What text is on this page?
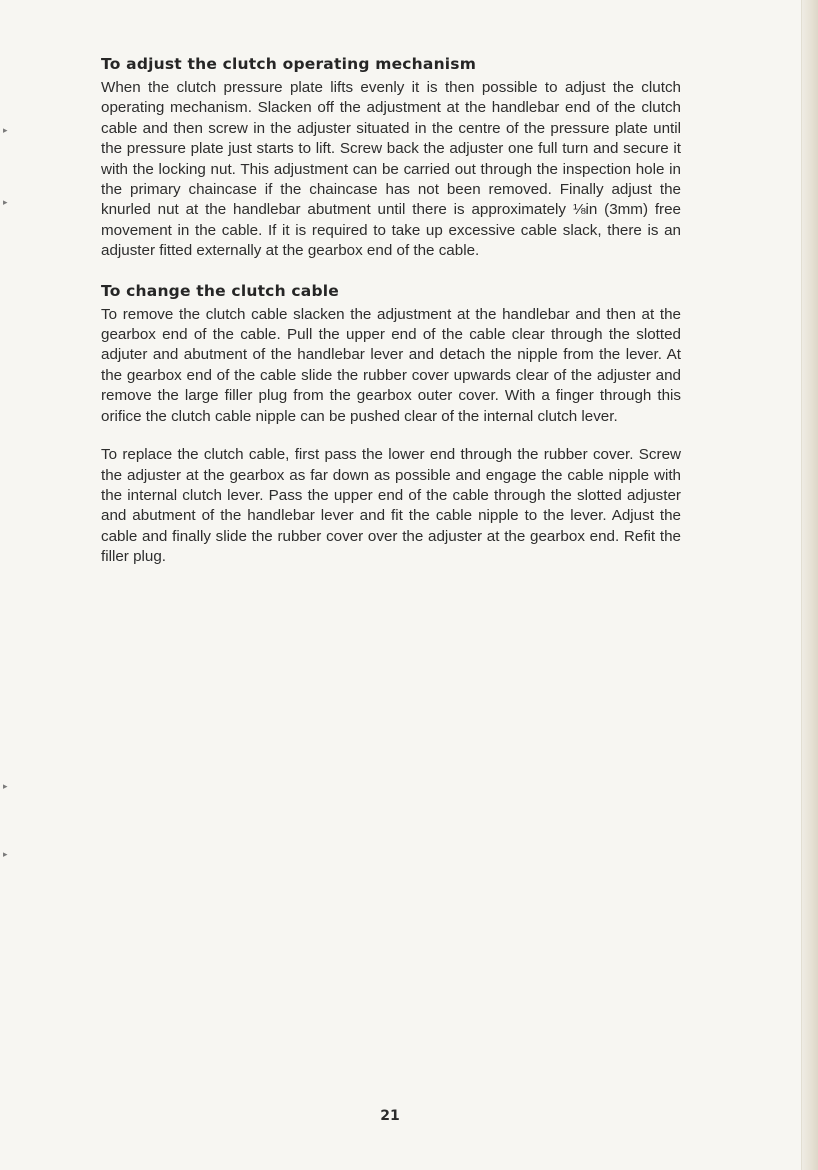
▸
▸
▸
▸
To adjust the clutch operating mechanism

When the clutch pressure plate lifts evenly it is then possible to adjust the clutch operating mechanism. Slacken off the adjustment at the handlebar end of the clutch cable and then screw in the adjuster situated in the centre of the pressure plate until the pressure plate just starts to lift. Screw back the adjuster one full turn and secure it with the locking nut. This adjustment can be carried out through the inspection hole in the primary chaincase if the chaincase has not been removed. Finally adjust the knurled nut at the handlebar abutment until there is approximately ⅛in (3mm) free movement in the cable. If it is required to take up excessive cable slack, there is an adjuster fitted externally at the gearbox end of the cable.

To change the clutch cable

To remove the clutch cable slacken the adjustment at the handlebar and then at the gearbox end of the cable. Pull the upper end of the cable clear through the slotted adjuter and abutment of the handlebar lever and detach the nipple from the lever. At the gearbox end of the cable slide the rubber cover upwards clear of the adjuster and remove the large filler plug from the gearbox outer cover. With a finger through this orifice the clutch cable nipple can be pushed clear of the internal clutch lever.

To replace the clutch cable, first pass the lower end through the rubber cover. Screw the adjuster at the gearbox as far down as possible and engage the cable nipple with the internal clutch lever. Pass the upper end of the cable through the slotted adjuster and abutment of the handlebar lever and fit the cable nipple to the lever. Adjust the cable and finally slide the rubber cover over the adjuster at the gearbox end. Refit the filler plug.

21
